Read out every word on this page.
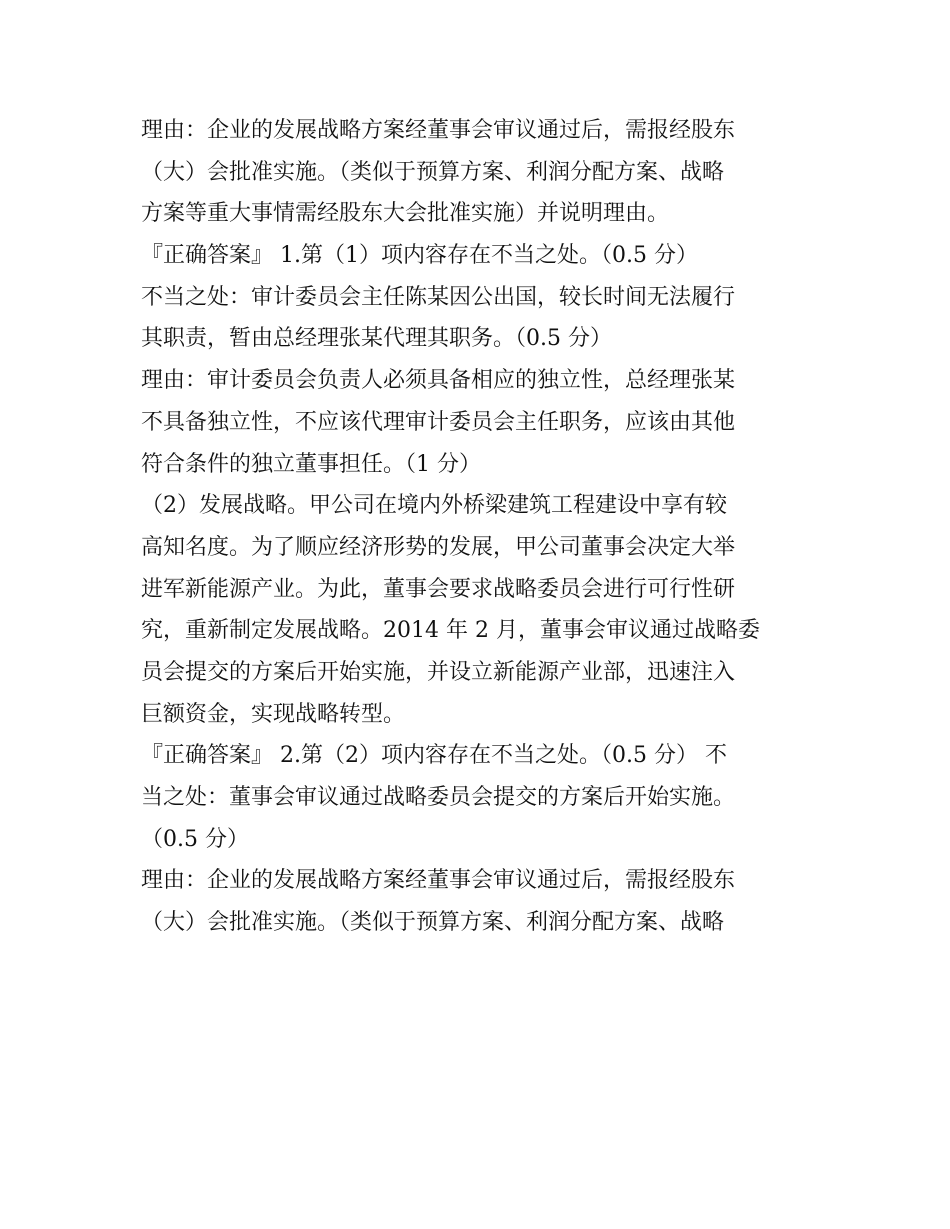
理由：企业的发展战略方案经董事会审议通过后，需报经股东
（大）会批准实施。（类似于预算方案、利润分配方案、战略
方案等重大事情需经股东大会批准实施）并说明理由。
『正确答案』 1.第（1）项内容存在不当之处。（0.5 分）
不当之处：审计委员会主任陈某因公出国，较长时间无法履行
其职责，暂由总经理张某代理其职务。（0.5 分）
理由：审计委员会负责人必须具备相应的独立性，总经理张某
不具备独立性，不应该代理审计委员会主任职务，应该由其他
符合条件的独立董事担任。（1 分）
（2）发展战略。甲公司在境内外桥梁建筑工程建设中享有较
高知名度。为了顺应经济形势的发展，甲公司董事会决定大举
进军新能源产业。为此，董事会要求战略委员会进行可行性研
究，重新制定发展战略。2014 年 2 月，董事会审议通过战略委
员会提交的方案后开始实施，并设立新能源产业部，迅速注入
巨额资金，实现战略转型。
『正确答案』 2.第（2）项内容存在不当之处。（0.5 分） 不
当之处：董事会审议通过战略委员会提交的方案后开始实施。
（0.5 分）
理由：企业的发展战略方案经董事会审议通过后，需报经股东
（大）会批准实施。（类似于预算方案、利润分配方案、战略
